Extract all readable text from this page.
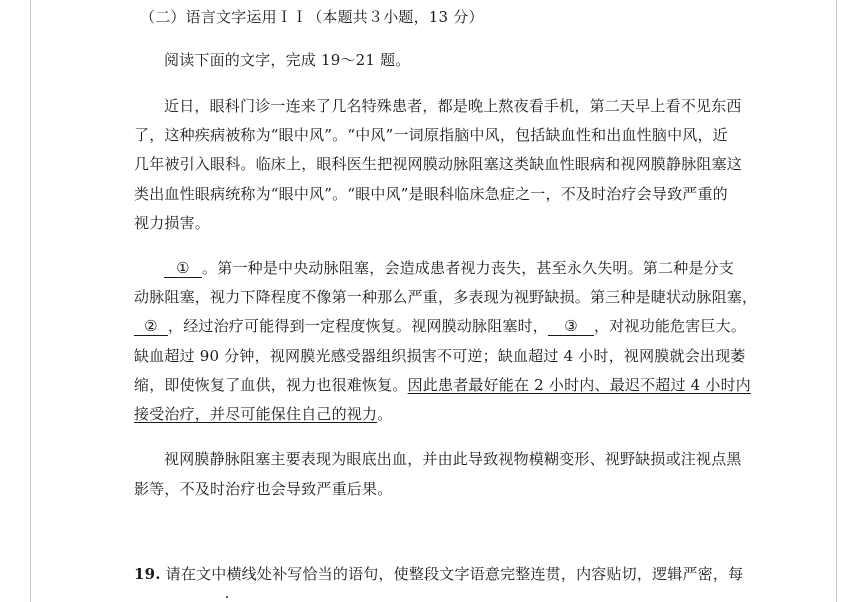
（二）语言文字运用ＩＩ（本题共３小题，13 分）
阅读下面的文字，完成 19～21 题。
近日，眼科门诊一连来了几名特殊患者，都是晚上熬夜看手机，第二天早上看不见东西
了，这种疾病被称为“眼中风”。“中风”一词原指脑中风，包括缺血性和出血性脑中风，近
几年被引入眼科。临床上，眼科医生把视网膜动脉阻塞这类缺血性眼病和视网膜静脉阻塞这
类出血性眼病统称为“眼中风”。“眼中风”是眼科临床急症之一，不及时治疗会导致严重的
视力损害。
① 。第一种是中央动脉阻塞，会造成患者视力丧失，甚至永久失明。第二种是分支
动脉阻塞，视力下降程度不像第一种那么严重，多表现为视野缺损。第三种是睫状动脉阻塞，
② ，经过治疗可能得到一定程度恢复。视网膜动脉阻塞时， ③ ，对视功能危害巨大。
缺血超过 90 分钟，视网膜光感受器组织损害不可逆；缺血超过 4 小时，视网膜就会出现萎
缩，即使恢复了血供，视力也很难恢复。因此患者最好能在 2 小时内、最迟不超过 4 小时内
接受治疗，并尽可能保住自己的视力。
视网膜静脉阻塞主要表现为眼底出血，并由此导致视物模糊变形、视野缺损或注视点黑
影等，不及时治疗也会导致严重后果。
19. 请在文中横线处补写恰当的语句，使整段文字语意完整连贯，内容贴切，逻辑严密，每
